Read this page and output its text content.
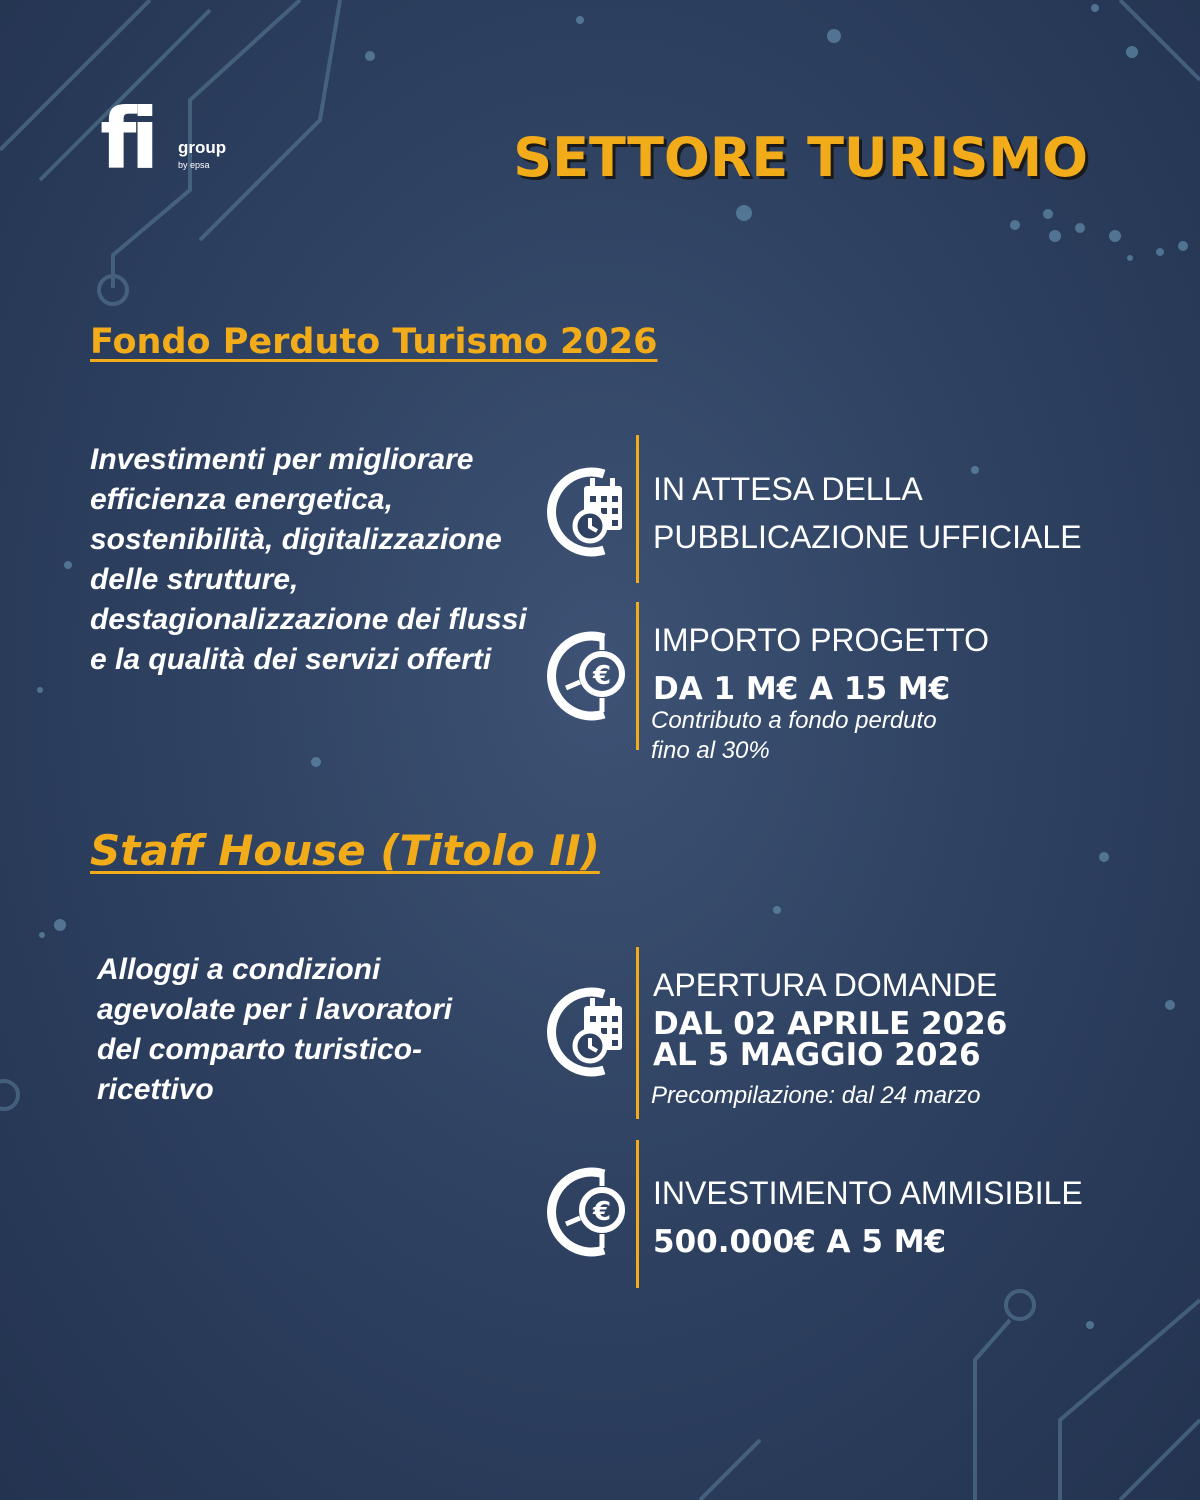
fi group
by epsa	SETTORE TURISMO
Fondo Perduto Turismo 2026
Investimenti per migliorare efficienza energetica, sostenibilità, digitalizzazione delle strutture, destagionalizzazione dei flussi e la qualità dei servizi offerti
IN ATTESA DELLA
PUBBLICAZIONE UFFICIALE
€
IMPORTO PROGETTO
DA 1 M€ A 15 M€
Contributo a fondo perduto
fino al 30%
Staff House (Titolo II)
Alloggi a condizioni agevolate per i lavoratori del comparto turistico-ricettivo
APERTURA DOMANDE
DAL 02 APRILE 2026
AL 5 MAGGIO 2026
Precompilazione: dal 24 marzo
€
INVESTIMENTO AMMISIBILE
500.000€ A 5 M€
